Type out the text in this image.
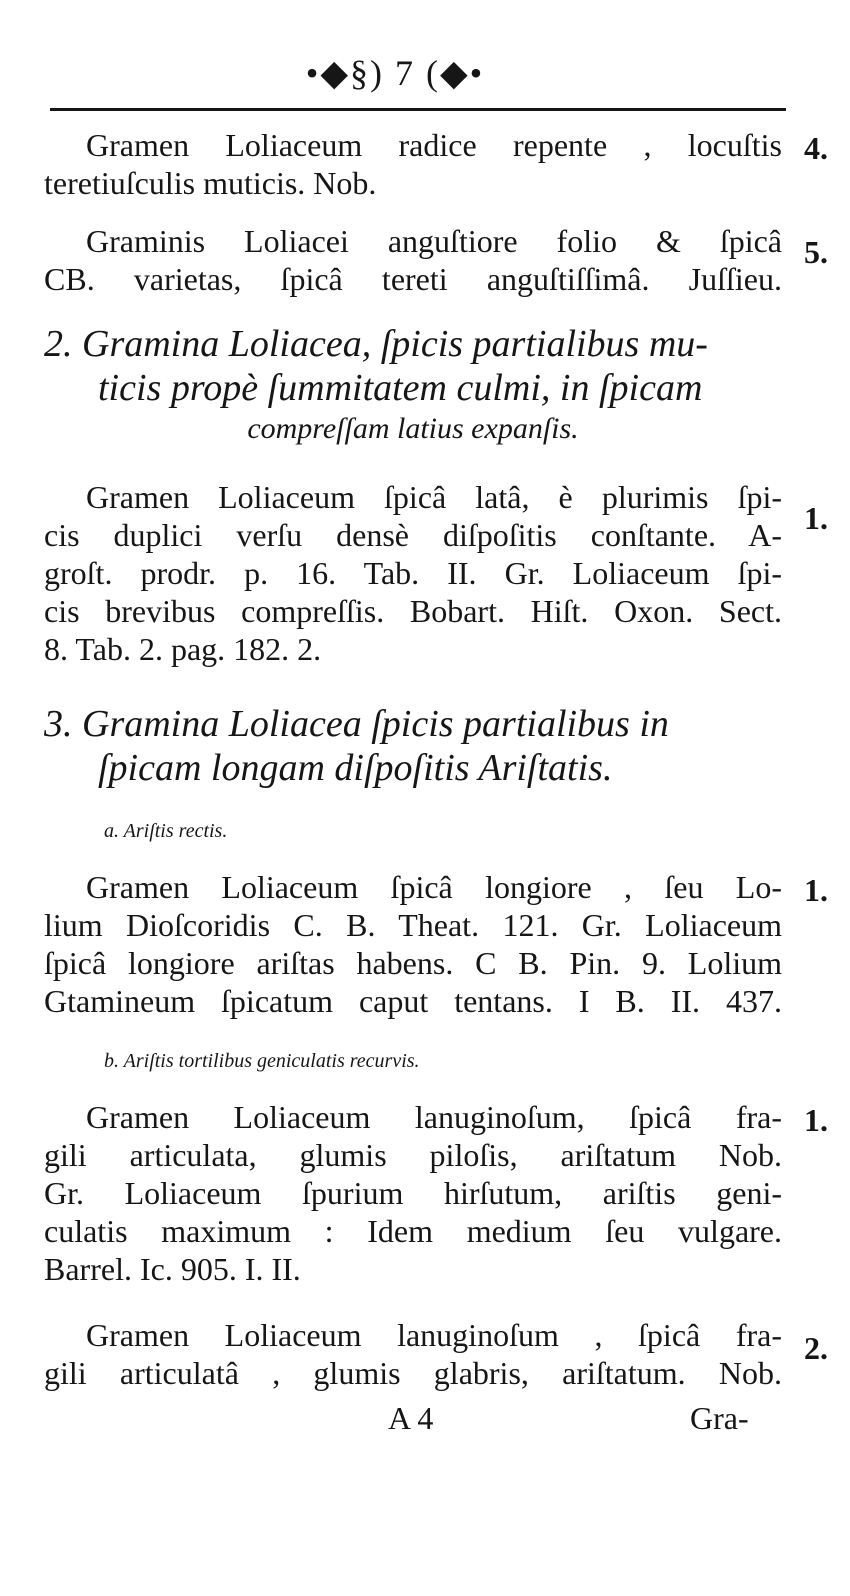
•◆§) 7 (◆•

Gramen Loliaceum radice repente , locuſtis

teretiuſculis muticis. Nob.

4.

Graminis Loliacei anguſtiore folio & ſpicâ

CB. varietas, ſpicâ tereti anguſtiſſimâ. Juſſieu.

5.
2. Gramina Loliacea, ſpicis partialibus mu-
ticis propè ſummitatem culmi, in ſpicam
compreſſam latius expanſis.

Gramen Loliaceum ſpicâ latâ, è plurimis ſpi-

cis duplici verſu densè diſpoſitis conſtante. A-

groſt. prodr. p. 16. Tab. II. Gr. Loliaceum ſpi-

cis brevibus compreſſis. Bobart. Hiſt. Oxon. Sect.

8. Tab. 2. pag. 182. 2.

1.
3. Gramina Loliacea ſpicis partialibus in
ſpicam longam diſpoſitis Ariſtatis.
a. Ariſtis rectis.

Gramen Loliaceum ſpicâ longiore , ſeu Lo-

lium Dioſcoridis C. B. Theat. 121. Gr. Loliaceum

ſpicâ longiore ariſtas habens. C B. Pin. 9. Lolium

Gtamineum ſpicatum caput tentans. I B. II. 437.

1.
b. Ariſtis tortilibus geniculatis recurvis.

Gramen Loliaceum lanuginoſum, ſpicâ fra-

gili articulata, glumis piloſis, ariſtatum Nob.

Gr. Loliaceum ſpurium hirſutum, ariſtis geni-

culatis maximum : Idem medium ſeu vulgare.

Barrel. Ic. 905. I. II.

1.

Gramen Loliaceum lanuginoſum , ſpicâ fra-

gili articulatâ , glumis glabris, ariſtatum. Nob.

2.
A 4	Gra-
